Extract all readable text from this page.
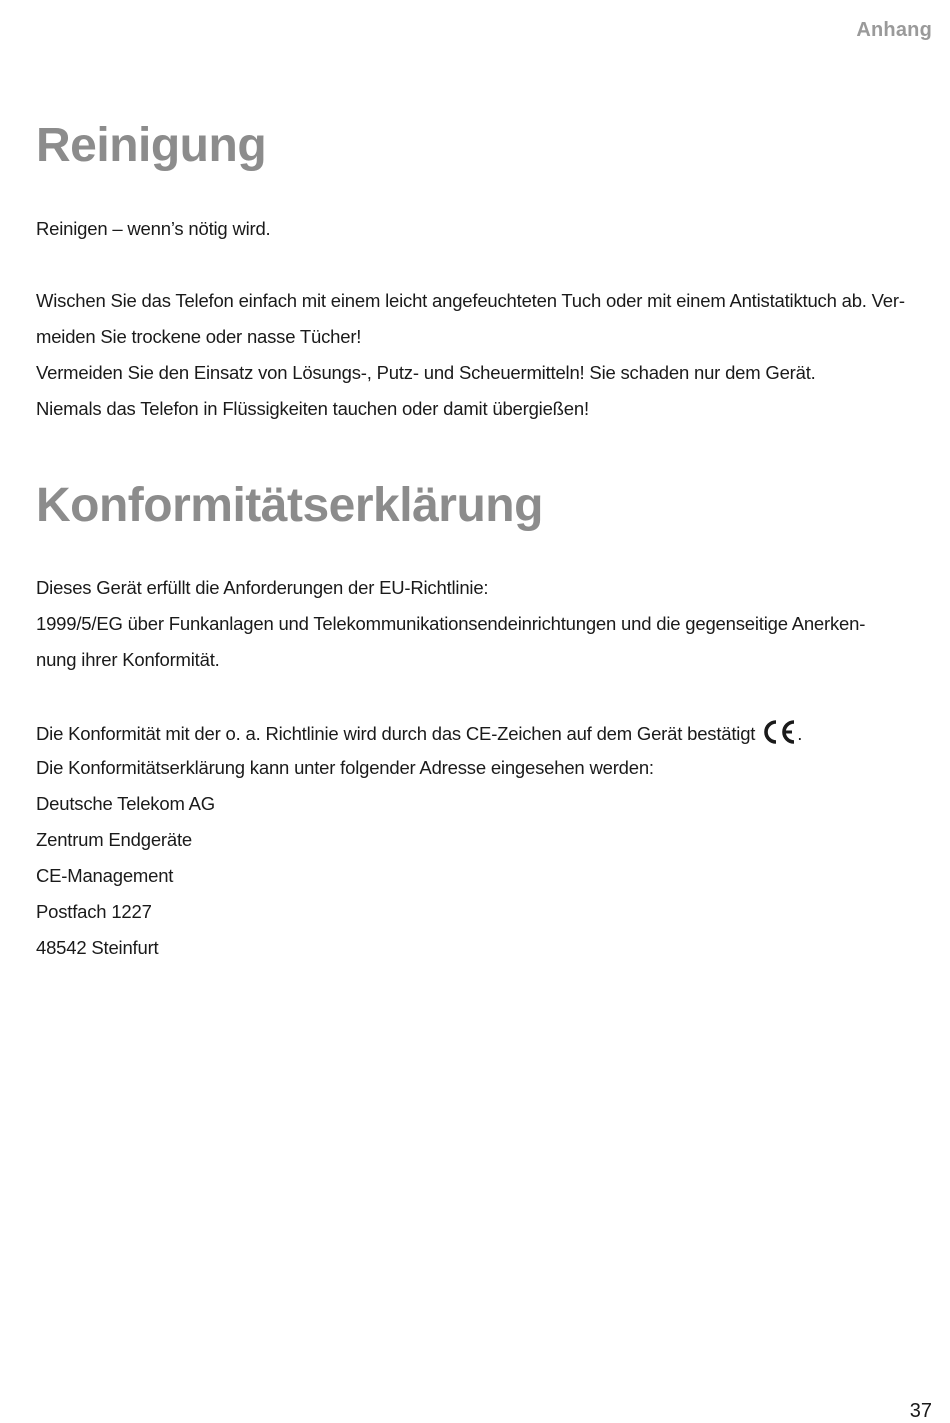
Anhang
Reinigung
Reinigen – wenn’s nötig wird.
Wischen Sie das Telefon einfach mit einem leicht angefeuchteten Tuch oder mit einem Antistatiktuch ab. Ver-
meiden Sie trockene oder nasse Tücher!
Vermeiden Sie den Einsatz von Lösungs-, Putz- und Scheuermitteln! Sie schaden nur dem Gerät.
Niemals das Telefon in Flüssigkeiten tauchen oder damit übergießen!
Konformitätserklärung
Dieses Gerät erfüllt die Anforderungen der EU-Richtlinie:
1999/5/EG über Funkanlagen und Telekommunikationsendeinrichtungen und die gegenseitige Anerken-
nung ihrer Konformität.
Die Konformität mit der o. a. Richtlinie wird durch das CE-Zeichen auf dem Gerät bestätigt .
Die Konformitätserklärung kann unter folgender Adresse eingesehen werden:
Deutsche Telekom AG
Zentrum Endgeräte
CE-Management
Postfach 1227
48542 Steinfurt
37
